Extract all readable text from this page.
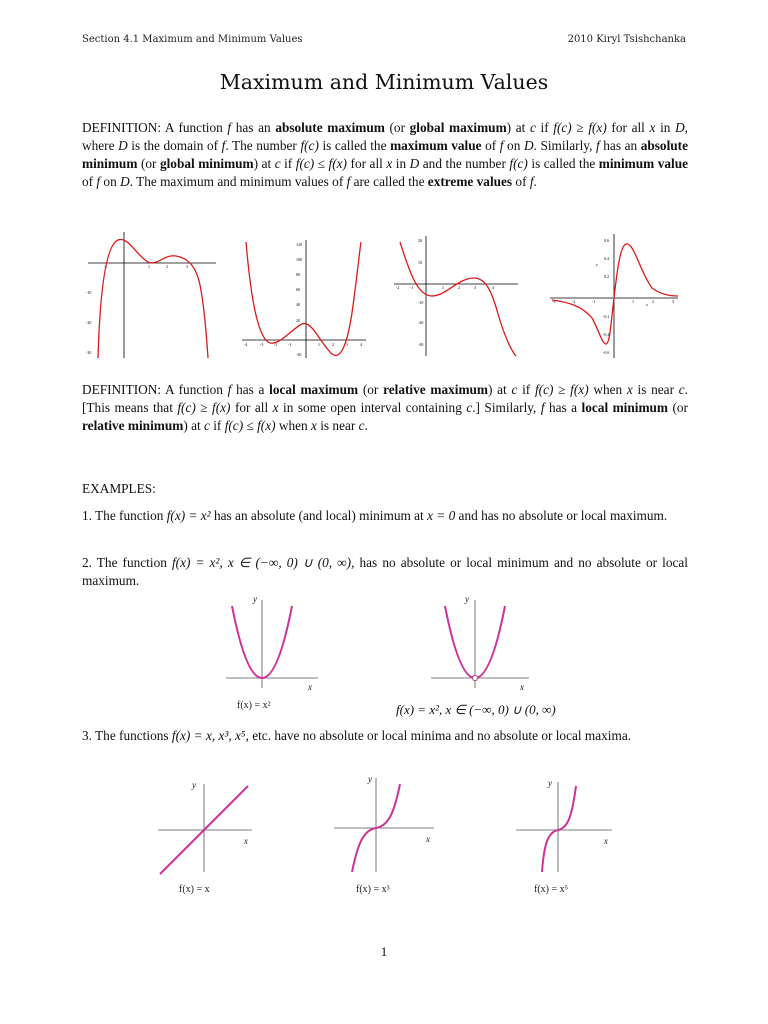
Section 4.1 Maximum and Minimum Values	2010 Kiryl Tsishchanka
Maximum and Minimum Values
DEFINITION: A function f has an absolute maximum (or global maximum) at c if f(c) ≥ f(x) for all x in D, where D is the domain of f. The number f(c) is called the maximum value of f on D. Similarly, f has an absolute minimum (or global minimum) at c if f(c) ≤ f(x) for all x in D and the number f(c) is called the minimum value of f on D. The maximum and minimum values of f are called the extreme values of f.
-10
-20
-30
-1	1	2	3
120
100
80
60
40
20
-20
-4	-3	-2	-1	1	2	3	4
20
10
-10
-20
-30
-2	-1	1	2	3	4
0.6
0.4
0.2
-0.2
-0.4
-0.6
-3	-2	-1	1	2	3
y
x
DEFINITION: A function f has a local maximum (or relative maximum) at c if f(c) ≥ f(x) when x is near c. [This means that f(c) ≥ f(x) for all x in some open interval containing c.] Similarly, f has a local minimum (or relative minimum) at c if f(c) ≤ f(x) when x is near c.
EXAMPLES:
1. The function f(x) = x² has an absolute (and local) minimum at x = 0 and has no absolute or local maximum.
2. The function f(x) = x², x ∈ (−∞, 0) ∪ (0, ∞), has no absolute or local minimum and no absolute or local maximum.
y
x
f(x) = x²
y
x
f(x) = x², x ∈ (−∞, 0) ∪ (0, ∞)
3. The functions f(x) = x, x³, x⁵, etc. have no absolute or local minima and no absolute or local maxima.
y
x
f(x) = x
y
x
f(x) = x³
y
x
f(x) = x⁵
1
